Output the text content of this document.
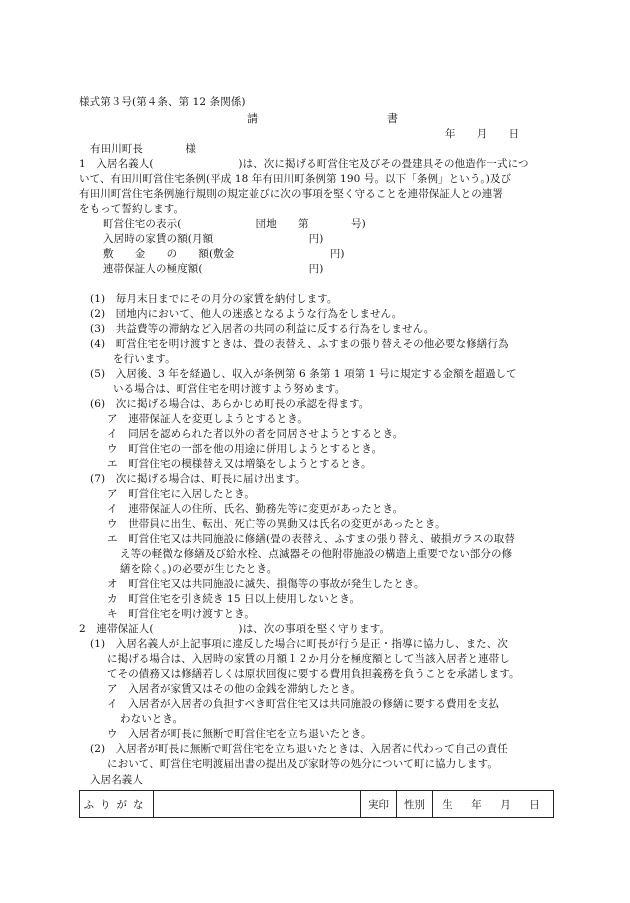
様式第３号(第４条、第 12 条関係)

請	書

年　　月　　日

有田川町長　　　　様

1　入居名義人(　　　　　　　　)は、次に掲げる町営住宅及びその畳建具その他造作一式につ

いて、有田川町営住宅条例(平成 18 年有田川町条例第 190 号。以下「条例」という。)及び

有田川町営住宅条例施行規則の規定並びに次の事項を堅く守ることを連帯保証人との連署

をもって誓約します。

町営住宅の表示(　　　　　　　団地　　第　　　　号)

入居時の家賃の額(月額　　　　　　　　　円)

敷　　金　　の　　額(敷金　　　　　　　　　円)

連帯保証人の極度額(　　　　　　　　　　円)

(1)　毎月末日までにその月分の家賃を納付します。

(2)　団地内において、他人の迷惑となるような行為をしません。

(3)　共益費等の滞納など入居者の共同の利益に反する行為をしません。

(4)　町営住宅を明け渡すときは、畳の表替え、ふすまの張り替えその他必要な修繕行為

を行います。

(5)　入居後、3 年を経過し、収入が条例第 6 条第 1 項第 1 号に規定する金額を超過して

いる場合は、町営住宅を明け渡すよう努めます。

(6)　次に掲げる場合は、あらかじめ町長の承認を得ます。

ア　連帯保証人を変更しようとするとき。

イ　同居を認められた者以外の者を同居させようとするとき。

ウ　町営住宅の一部を他の用途に併用しようとするとき。

エ　町営住宅の模様替え又は増築をしようとするとき。

(7)　次に掲げる場合は、町長に届け出ます。

ア　町営住宅に入居したとき。

イ　連帯保証人の住所、氏名、勤務先等に変更があったとき。

ウ　世帯員に出生、転出、死亡等の異動又は氏名の変更があったとき。

エ　町営住宅又は共同施設に修繕(畳の表替え、ふすまの張り替え、破損ガラスの取替

え等の軽微な修繕及び給水栓、点滅器その他附帯施設の構造上重要でない部分の修

繕を除く。)の必要が生じたとき。

オ　町営住宅又は共同施設に滅失、損傷等の事故が発生したとき。

カ　町営住宅を引き続き 15 日以上使用しないとき。

キ　町営住宅を明け渡すとき。

2　連帯保証人(　　　　　　　　)は、次の事項を堅く守ります。

(1)　入居名義人が上記事項に違反した場合に町長が行う是正・指導に協力し、また、次

に掲げる場合は、入居時の家賃の月額１２か月分を極度額として当該入居者と連帯し

てその債務又は修繕若しくは原状回復に要する費用負担義務を負うことを承諾します。

ア　入居者が家賃又はその他の金銭を滞納したとき。

イ　入居者が入居者の負担すべき町営住宅又は共同施設の修繕に要する費用を支払

わないとき。

ウ　入居者が町長に無断で町営住宅を立ち退いたとき。

(2)　入居者が町長に無断で町営住宅を立ち退いたときは、入居者に代わって自己の責任

において、町営住宅明渡届出書の提出及び家財等の処分について町に協力します。

入居名義人

ふりがな		実印	性別	生　年　月　日
